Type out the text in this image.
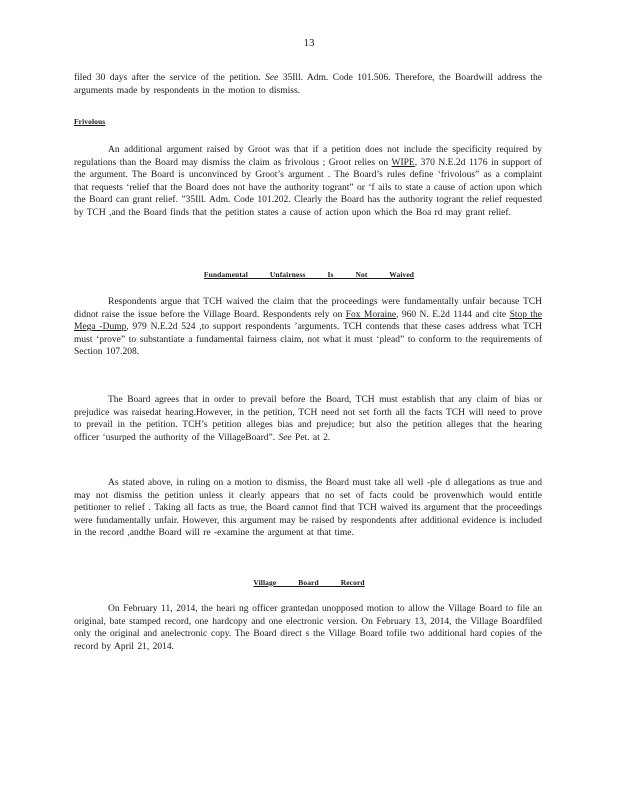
13
filed 30 days after the service of the petition. See 35Ill. Adm. Code 101.506. Therefore, the Boardwill address the arguments made by respondents in the motion to dismiss.
Frivolous
An additional argument raised by Groot was that if a petition does not include the specificity required by regulations than the Board may dismiss the claim as frivolous ; Groot relies on WIPE, 370 N.E.2d 1176 in support of the argument. The Board is unconvinced by Groot’s argument . The Board’s rules define ‘frivolous” as a complaint that requests ‘relief that the Board does not have the authority togrant” or ‘f ails to state a cause of action upon which the Board can grant relief. ”35Ill. Adm. Code 101.202. Clearly the Board has the authority togrant the relief requested by TCH ,and the Board finds that the petition states a cause of action upon which the Boa rd may grant relief.
Fundamental Unfairness Is Not Waived
Respondents argue that TCH waived the claim that the proceedings were fundamentally unfair because TCH didnot raise the issue before the Village Board. Respondents rely on Fox Moraine, 960 N. E.2d 1144 and cite Stop the Mega -Dump, 979 N.E.2d 524 ,to support respondents ’arguments. TCH contends that these cases address what TCH must ‘prove” to substantiate a fundamental fairness claim, not what it must ‘plead” to conform to the requirements of Section 107.208.
The Board agrees that in order to prevail before the Board, TCH must establish that any claim of bias or prejudice was raisedat hearing.However, in the petition, TCH need not set forth all the facts TCH will need to prove to prevail in the petition. TCH’s petition alleges bias and prejudice; but also the petition alleges that the hearing officer ‘usurped the authority of the VillageBoard”. See Pet. at 2.
As stated above, in ruling on a motion to dismiss, the Board must take all well -ple d allegations as true and may not dismiss the petition unless it clearly appears that no set of facts could be provenwhich would entitle petitioner to relief . Taking all facts as true, the Board cannot find that TCH waived its argument that the proceedings were fundamentally unfair. However, this argument may be raised by respondents after additional evidence is included in the record ,andthe Board will re -examine the argument at that time.
Village Board Record
On February 11, 2014, the heari ng officer grantedan unopposed motion to allow the Village Board to file an original, bate stamped record, one hardcopy and one electronic version. On February 13, 2014, the Village Boardfiled only the original and anelectronic copy. The Board direct s the Village Board tofile two additional hard copies of the record by April 21, 2014.
